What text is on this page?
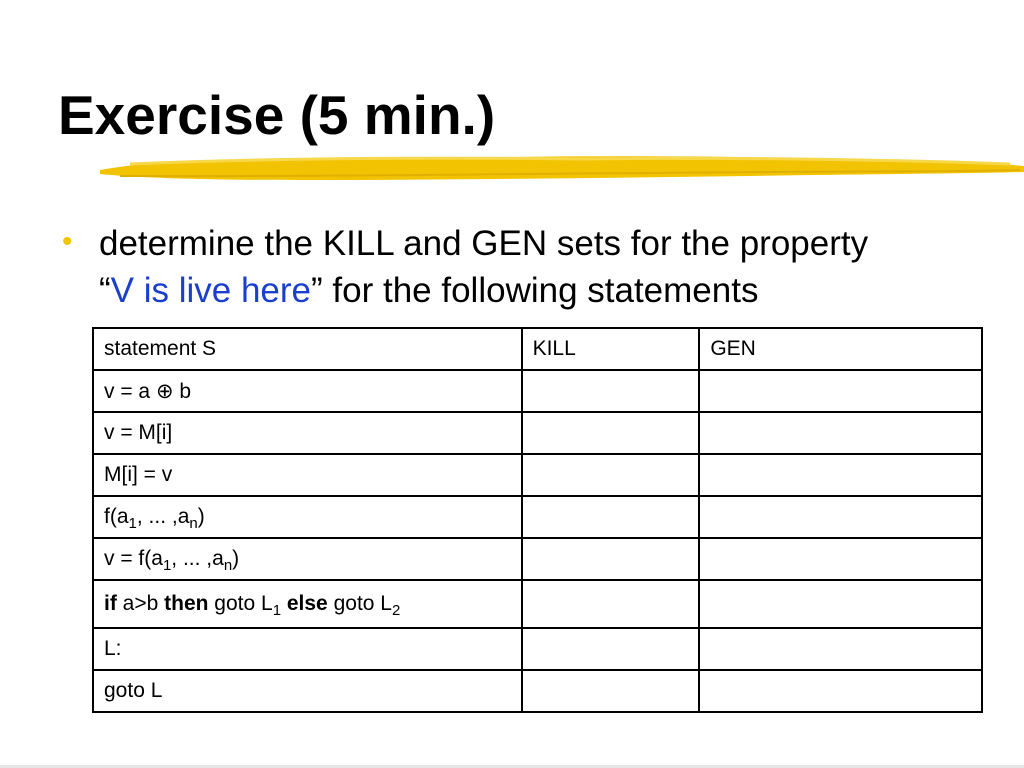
Exercise (5 min.)
• determine the KILL and GEN sets for the property
“V is live here” for the following statements
statement S	KILL	GEN
v = a ⊕ b		
v = M[i]		
M[i] = v		
$f(a_1$, ... $,a_n$)		
$v = f(a_1$, ... $,a_n$)		
if a>b then goto $L_1$ else goto $L_2$		
L:		
goto L		
